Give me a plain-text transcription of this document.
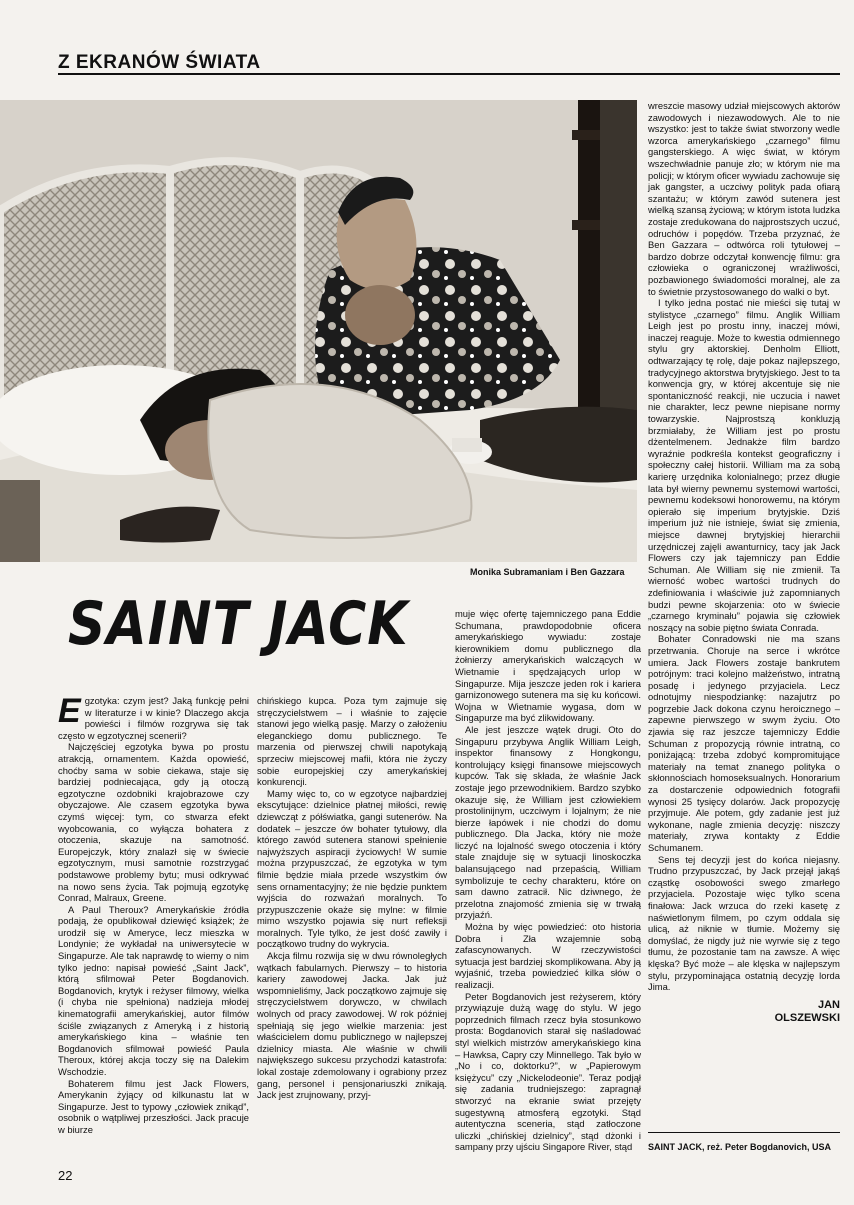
Z EKRANÓW ŚWIATA
Monika Subramaniam i Ben Gazzara
SAINT JACK

Egzotyka: czym jest? Jaką funkcję pełni w literaturze i w kinie? Dlaczego akcja powieści i filmów rozgrywa się tak często w egzotycznej scenerii?

Najczęściej egzotyka bywa po prostu atrakcją, ornamentem. Każda opowieść, choćby sama w sobie ciekawa, staje się bardziej podniecająca, gdy ją otoczą egzotyczne ozdobniki krajobrazowe czy obyczajowe. Ale czasem egzotyka bywa czymś więcej: tym, co stwarza efekt wyobcowania, co wyłącza bohatera z otoczenia, skazuje na samotność. Europejczyk, który znalazł się w świecie egzotycznym, musi samotnie rozstrzygać podstawowe problemy bytu; musi odkrywać na nowo sens życia. Tak pojmują egzotykę Conrad, Malraux, Greene.

A Paul Theroux? Amerykańskie źródła podają, że opublikował dziewięć książek; że urodził się w Ameryce, lecz mieszka w Londynie; że wykładał na uniwersytecie w Singapurze. Ale tak naprawdę to wiemy o nim tylko jedno: napisał powieść „Saint Jack”, którą sfilmował Peter Bogdanovich. Bogdanovich, krytyk i reżyser filmowy, wielka (i chyba nie spełniona) nadzieja młodej kinematografii amerykańskiej, autor filmów ściśle związanych z Ameryką i z historią amerykańskiego kina – właśnie ten Bogdanovich sfilmował powieść Paula Theroux, której akcja toczy się na Dalekim Wschodzie.

Bohaterem filmu jest Jack Flowers, Amerykanin żyjący od kilkunastu lat w Singapurze. Jest to typowy „człowiek znikąd”, osobnik o wątpliwej przeszłości. Jack pracuje w biurze

chińskiego kupca. Poza tym zajmuje się stręczycielstwem – i właśnie to zajęcie stanowi jego wielką pasję. Marzy o założeniu eleganckiego domu publicznego. Te marzenia od pierwszej chwili napotykają sprzeciw miejscowej mafii, która nie życzy sobie europejskiej czy amerykańskiej konkurencji.

Mamy więc to, co w egzotyce najbardziej ekscytujące: dzielnice płatnej miłości, rewię dziewcząt z półświatka, gangi sutenerów. Na dodatek – jeszcze ów bohater tytułowy, dla którego zawód sutenera stanowi spełnienie najwyższych aspiracji życiowych! W sumie można przypuszczać, że egzotyka w tym filmie będzie miała przede wszystkim ów sens ornamentacyjny; że nie będzie punktem wyjścia do rozważań moralnych. To przypuszczenie okaże się mylne: w filmie mimo wszystko pojawia się nurt refleksji moralnych. Tyle tylko, że jest dość zawiły i początkowo trudny do wykrycia.

Akcja filmu rozwija się w dwu równoległych wątkach fabularnych. Pierwszy – to historia kariery zawodowej Jacka. Jak już wspomnieliśmy, Jack początkowo zajmuje się stręczycielstwem dorywczo, w chwilach wolnych od pracy zawodowej. W rok później spełniają się jego wielkie marzenia: jest właścicielem domu publicznego w najlepszej dzielnicy miasta. Ale właśnie w chwili największego sukcesu przychodzi katastrofa: lokal zostaje zdemolowany i ograbiony przez gang, personel i pensjonariuszki znikają. Jack jest zrujnowany, przyj-

muje więc ofertę tajemniczego pana Eddie Schumana, prawdopodobnie oficera amerykańskiego wywiadu: zostaje kierownikiem domu publicznego dla żołnierzy amerykańskich walczących w Wietnamie i spędzających urlop w Singapurze. Mija jeszcze jeden rok i kariera garnizonowego sutenera ma się ku końcowi. Wojna w Wietnamie wygasa, dom w Singapurze ma być zlikwidowany.

Ale jest jeszcze wątek drugi. Oto do Singapuru przybywa Anglik William Leigh, inspektor finansowy z Hongkongu, kontrolujący księgi finansowe miejscowych kupców. Tak się składa, że właśnie Jack zostaje jego przewodnikiem. Bardzo szybko okazuje się, że William jest człowiekiem prostolinijnym, uczciwym i lojalnym; że nie bierze łapówek i nie chodzi do domu publicznego. Dla Jacka, który nie może liczyć na lojalność swego otoczenia i który stale znajduje się w sytuacji linoskoczka balansującego nad przepaścią, William symbolizuje te cechy charakteru, które on sam dawno zatracił. Nic dziwnego, że przelotna znajomość zmienia się w trwałą przyjaźń.

Można by więc powiedzieć: oto historia Dobra i Zła wzajemnie sobą zafascynowanych. W rzeczywistości sytuacja jest bardziej skomplikowana. Aby ją wyjaśnić, trzeba powiedzieć kilka słów o realizacji.

Peter Bogdanovich jest reżyserem, który przywiązuje dużą wagę do stylu. W jego poprzednich filmach rzecz była stosunkowo prosta: Bogdanovich starał się naśladować styl wielkich mistrzów amerykańskiego kina – Hawksa, Capry czy Minnellego. Tak było w „No i co, doktorku?”, w „Papierowym księżycu” czy „Nickelodeonie”. Teraz podjął się zadania trudniejszego: zapragnął stworzyć na ekranie swiat przejęty sugestywną atmosferą egzotyki. Stąd autentyczna sceneria, stąd zatłoczone uliczki „chińskiej dzielnicy”, stąd dżonki i sampany przy ujściu Singapore River, stąd

wreszcie masowy udział miejscowych aktorów zawodowych i niezawodowych. Ale to nie wszystko: jest to także świat stworzony wedle wzorca amerykańskiego „czarnego” filmu gangsterskiego. A więc świat, w którym wszechwładnie panuje zło; w którym nie ma policji; w którym oficer wywiadu zachowuje się jak gangster, a uczciwy polityk pada ofiarą szantażu; w którym zawód sutenera jest wielką szansą życiową; w którym istota ludzka zostaje zredukowana do najprostszych uczuć, odruchów i popędów. Trzeba przyznać, że Ben Gazzara – odtwórca roli tytułowej – bardzo dobrze odczytał konwencję filmu: gra człowieka o ograniczonej wrażliwości, pozbawionego świadomości moralnej, ale za to świetnie przystosowanego do walki o byt.

I tylko jedna postać nie mieści się tutaj w stylistyce „czarnego” filmu. Anglik William Leigh jest po prostu inny, inaczej mówi, inaczej reaguje. Może to kwestia odmiennego stylu gry aktorskiej. Denholm Elliott, odtwarzający tę rolę, daje pokaz najlepszego, tradycyjnego aktorstwa brytyjskiego. Jest to ta konwencja gry, w której akcentuje się nie spontaniczność reakcji, nie uczucia i nawet nie charakter, lecz pewne niepisane normy towarzyskie. Najprostszą konkluzją brzmiałaby, że William jest po prostu dżentelmenem. Jednakże film bardzo wyraźnie podkreśla kontekst geograficzny i społeczny całej historii. William ma za sobą karierę urzędnika kolonialnego; przez długie lata był wierny pewnemu systemowi wartości, pewnemu kodeksowi honorowemu, na którym opierało się imperium brytyjskie. Dziś imperium już nie istnieje, świat się zmienia, miejsce dawnej brytyjskiej hierarchii urzędniczej zajęli awanturnicy, tacy jak Jack Flowers czy jak tajemniczy pan Eddie Schuman. Ale William się nie zmienił. Ta wierność wobec wartości trudnych do zdefiniowania i właściwie już zapomnianych budzi pewne skojarzenia: oto w świecie „czarnego kryminału” pojawia się człowiek noszący na sobie piętno świata Conrada.

Bohater Conradowski nie ma szans przetrwania. Choruje na serce i wkrótce umiera. Jack Flowers zostaje bankrutem potrójnym: traci kolejno małżeństwo, intratną posadę i jedynego przyjaciela. Lecz odnotujmy niespodziankę: nazajutrz po pogrzebie Jack dokona czynu heroicznego – zapewne pierwszego w swym życiu. Oto zjawia się raz jeszcze tajemniczy Eddie Schuman z propozycją równie intratną, co poniżającą: trzeba zdobyć kompromitujące materiały na temat znanego polityka o skłonnościach homoseksualnych. Honorarium za dostarczenie odpowiednich fotografii wynosi 25 tysięcy dolarów. Jack propozycję przyjmuje. Ale potem, gdy zadanie jest już wykonane, nagle zmienia decyzję: niszczy materiały, zrywa kontakty z Eddie Schumanem.

Sens tej decyzji jest do końca niejasny. Trudno przypuszczać, by Jack przejął jakąś cząstkę osobowości swego zmarłego przyjaciela. Pozostaje więc tylko scena finałowa: Jack wrzuca do rzeki kasetę z naświetlonym filmem, po czym oddala się ulicą, aż niknie w tłumie. Możemy się domyślać, że nigdy już nie wyrwie się z tego tłumu, że pozostanie tam na zawsze. A więc klęska? Być może – ale klęska w najlepszym stylu, przypominająca ostatnią decyzję lorda Jima.

JAN
OLSZEWSKI
SAINT JACK, reż. Peter Bogdanovich, USA
22
